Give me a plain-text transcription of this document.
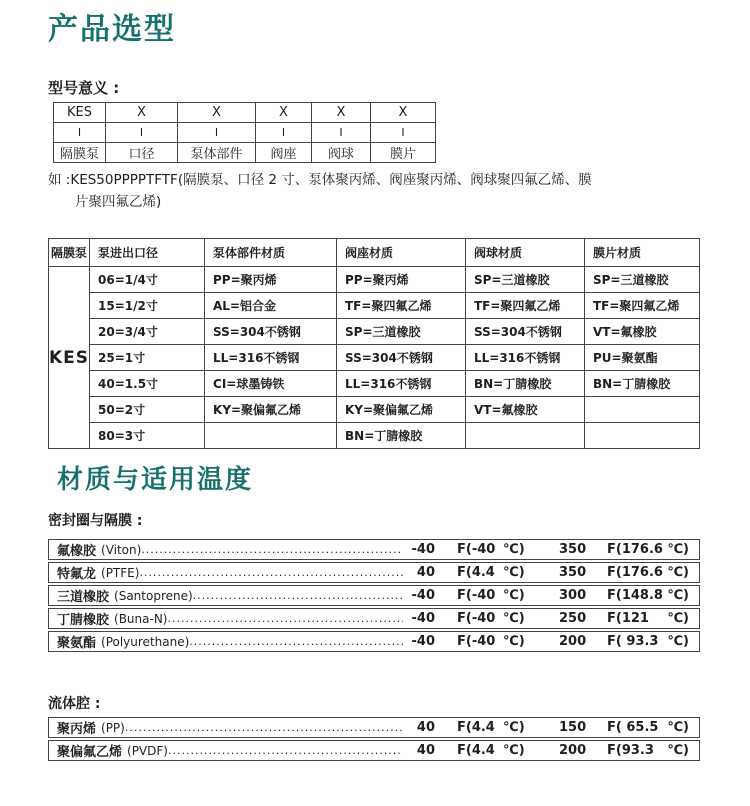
产品选型
型号意义 :
KES	X	X	X	X	X
I	I	I	I	I	I
隔膜泵	口径	泵体部件	阀座	阀球	膜片
如 :KES50PPPPTFTF(隔膜泵、口径 2 寸、泵体聚丙烯、阀座聚丙烯、阀球聚四氟乙烯、膜
片聚四氟乙烯)
隔膜泵	泵进出口径	泵体部件材质	阀座材质	阀球材质	膜片材质
KES	06=1/4寸	PP=聚丙烯	PP=聚丙烯	SP=三道橡胶	SP=三道橡胶
	15=1/2寸	AL=铝合金	TF=聚四氟乙烯	TF=聚四氟乙烯	TF=聚四氟乙烯
	20=3/4寸	SS=304不锈钢	SP=三道橡胶	SS=304不锈钢	VT=氟橡胶
	25=1寸	LL=316不锈钢	SS=304不锈钢	LL=316不锈钢	PU=聚氨酯
	40=1.5寸	CI=球墨铸铁	LL=316不锈钢	BN=丁腈橡胶	BN=丁腈橡胶
	50=2寸	KY=聚偏氟乙烯	KY=聚偏氟乙烯	VT=氟橡胶	
	80=3寸		BN=丁腈橡胶		
材质与适用温度
密封圈与隔膜 :
氟橡胶 (Viton) .....	-40 F(-40 ℃)	350	F(176.6 ℃)
特氟龙 (PTFE) .....	40 F(4.4 ℃)	350	F(176.6 ℃)
三道橡胶 (Santoprene) .....	-40 F(-40 ℃)	300	F(148.8 ℃)
丁腈橡胶 (Buna-N) .....	-40 F(-40 ℃)	250	F(121	℃)
聚氨酯 (Polyurethane) .....	-40 F(-40 ℃)	200	F( 93.3 ℃)
流体腔 :
聚丙烯 (PP) .....	40 F(4.4 ℃)	150	F( 65.5 ℃)
聚偏氟乙烯 (PVDF) .....	40 F(4.4 ℃)	200	F(93.3	℃)
